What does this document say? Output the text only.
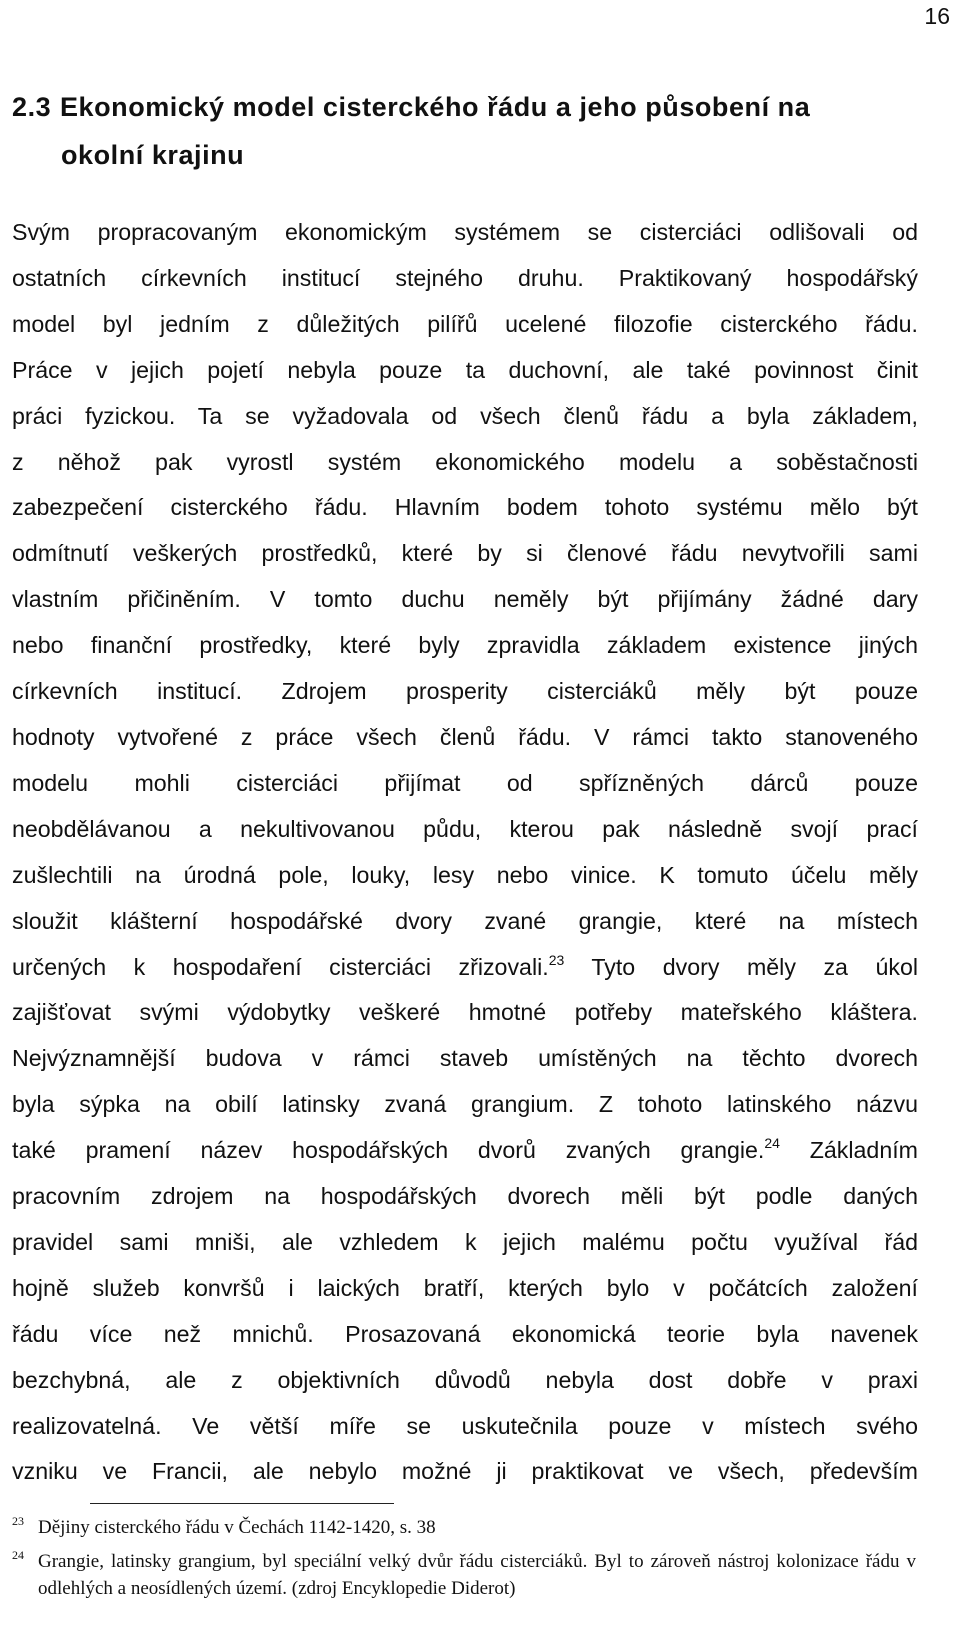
16
2.3 Ekonomický model cisterckého řádu a jeho působení na
okolní krajinu
Svým propracovaným ekonomickým systémem se cisterciáci odlišovali od
ostatních církevních institucí stejného druhu. Praktikovaný hospodářský
model byl jedním z důležitých pilířů ucelené filozofie cisterckého řádu.
Práce v jejich pojetí nebyla pouze ta duchovní, ale také povinnost činit
práci fyzickou. Ta se vyžadovala od všech členů řádu a byla základem,
z něhož pak vyrostl systém ekonomického modelu a soběstačnosti
zabezpečení cisterckého řádu. Hlavním bodem tohoto systému mělo být
odmítnutí veškerých prostředků, které by si členové řádu nevytvořili sami
vlastním přičiněním. V tomto duchu neměly být přijímány žádné dary
nebo finanční prostředky, které byly zpravidla základem existence jiných
církevních institucí. Zdrojem prosperity cisterciáků měly být pouze
hodnoty vytvořené z práce všech členů řádu. V rámci takto stanoveného
modelu mohli cisterciáci přijímat od spřízněných dárců pouze
neobdělávanou a nekultivovanou půdu, kterou pak následně svojí prací
zušlechtili na úrodná pole, louky, lesy nebo vinice. K tomuto účelu měly
sloužit klášterní hospodářské dvory zvané grangie, které na místech
určených k hospodaření cisterciáci zřizovali.$^{23}$ Tyto dvory měly za úkol
zajišťovat svými výdobytky veškeré hmotné potřeby mateřského kláštera.
Nejvýznamnější budova v rámci staveb umístěných na těchto dvorech
byla sýpka na obilí latinsky zvaná grangium. Z tohoto latinského názvu
také pramení název hospodářských dvorů zvaných grangie.$^{24}$ Základním
pracovním zdrojem na hospodářských dvorech měli být podle daných
pravidel sami mniši, ale vzhledem k jejich malému počtu využíval řád
hojně služeb konvršů i laických bratří, kterých bylo v počátcích založení
řádu více než mnichů. Prosazovaná ekonomická teorie byla navenek
bezchybná, ale z objektivních důvodů nebyla dost dobře v praxi
realizovatelná. Ve větší míře se uskutečnila pouze v místech svého
vzniku ve Francii, ale nebylo možné ji praktikovat ve všech, především
23 Dějiny cisterckého řádu v Čechách 1142-1420, s. 38
24 Grangie, latinsky grangium, byl speciální velký dvůr řádu cisterciáků. Byl to zároveň nástroj kolonizace řádu v odlehlých a neosídlených území. (zdroj Encyklopedie Diderot)
